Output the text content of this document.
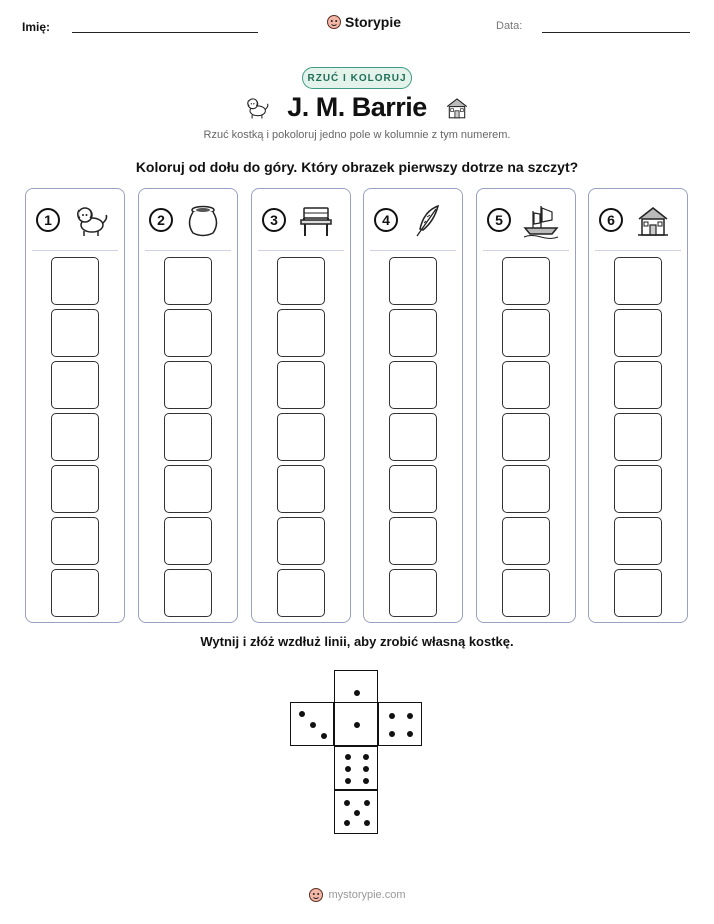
Imię:	Storypie	Data:
RZUĆ I KOLORUJ
J. M. Barrie
Rzuć kostką i pokoloruj jedno pole w kolumnie z tym numerem.
Koloruj od dołu do góry. Który obrazek pierwszy dotrze na szczyt?
1	2	3	4	5	6
Wytnij i złóż wzdłuż linii, aby zrobić własną kostkę.
mystorypie.com
